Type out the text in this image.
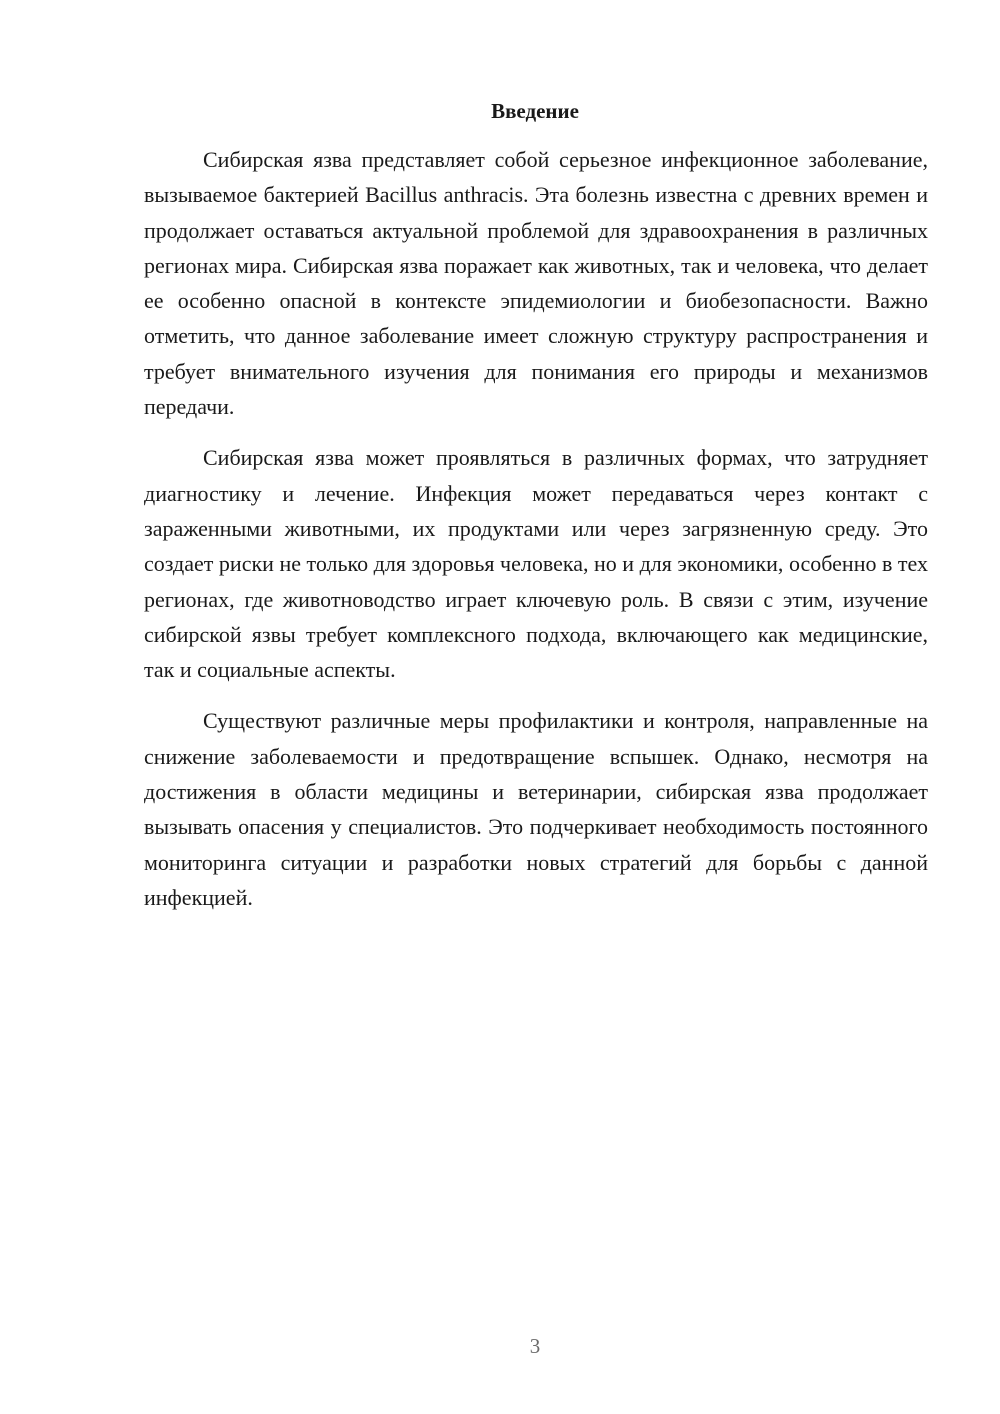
Введение

Сибирская язва представляет собой серьезное инфекционное заболевание, вызываемое бактерией Bacillus anthracis. Эта болезнь известна с древних времен и продолжает оставаться актуальной проблемой для здравоохранения в различных регионах мира. Сибирская язва поражает как животных, так и человека, что делает ее особенно опасной в контексте эпидемиологии и биобезопасности. Важно отметить, что данное заболевание имеет сложную структуру распространения и требует внимательного изучения для понимания его природы и механизмов передачи.

Сибирская язва может проявляться в различных формах, что затрудняет диагностику и лечение. Инфекция может передаваться через контакт с зараженными животными, их продуктами или через загрязненную среду. Это создает риски не только для здоровья человека, но и для экономики, особенно в тех регионах, где животноводство играет ключевую роль. В связи с этим, изучение сибирской язвы требует комплексного подхода, включающего как медицинские, так и социальные аспекты.

Существуют различные меры профилактики и контроля, направленные на снижение заболеваемости и предотвращение вспышек. Однако, несмотря на достижения в области медицины и ветеринарии, сибирская язва продолжает вызывать опасения у специалистов. Это подчеркивает необходимость постоянного мониторинга ситуации и разработки новых стратегий для борьбы с данной инфекцией.

3
